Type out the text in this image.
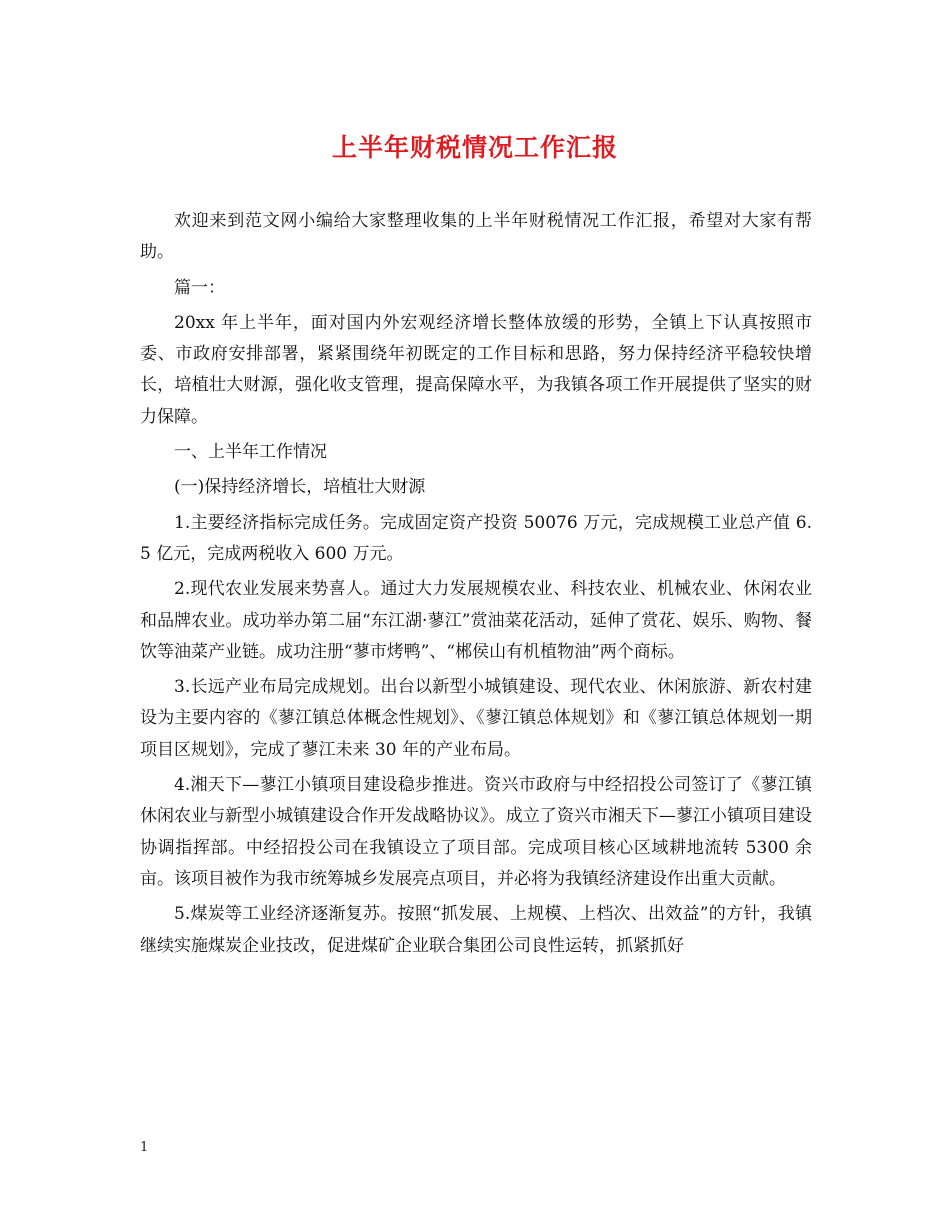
上半年财税情况工作汇报

欢迎来到范文网小编给大家整理收集的上半年财税情况工作汇报，希望对大家有帮助。

篇一：

20xx 年上半年，面对国内外宏观经济增长整体放缓的形势，全镇上下认真按照市委、市政府安排部署，紧紧围绕年初既定的工作目标和思路，努力保持经济平稳较快增长，培植壮大财源，强化收支管理，提高保障水平，为我镇各项工作开展提供了坚实的财力保障。

一、上半年工作情况

(一)保持经济增长，培植壮大财源

1.主要经济指标完成任务。完成固定资产投资 50076 万元，完成规模工业总产值 6.5 亿元，完成两税收入 600 万元。

2.现代农业发展来势喜人。通过大力发展规模农业、科技农业、机械农业、休闲农业和品牌农业。成功举办第二届“东江湖·蓼江”赏油菜花活动，延伸了赏花、娱乐、购物、餐饮等油菜产业链。成功注册“蓼市烤鸭”、“郴侯山有机植物油”两个商标。

3.长远产业布局完成规划。出台以新型小城镇建设、现代农业、休闲旅游、新农村建设为主要内容的《蓼江镇总体概念性规划》、《蓼江镇总体规划》和《蓼江镇总体规划一期项目区规划》，完成了蓼江未来 30 年的产业布局。

4.湘天下—蓼江小镇项目建设稳步推进。资兴市政府与中经招投公司签订了《蓼江镇休闲农业与新型小城镇建设合作开发战略协议》。成立了资兴市湘天下—蓼江小镇项目建设协调指挥部。中经招投公司在我镇设立了项目部。完成项目核心区域耕地流转 5300 余亩。该项目被作为我市统筹城乡发展亮点项目，并必将为我镇经济建设作出重大贡献。

5.煤炭等工业经济逐渐复苏。按照“抓发展、上规模、上档次、出效益”的方针，我镇继续实施煤炭企业技改，促进煤矿企业联合集团公司良性运转，抓紧抓好

1
